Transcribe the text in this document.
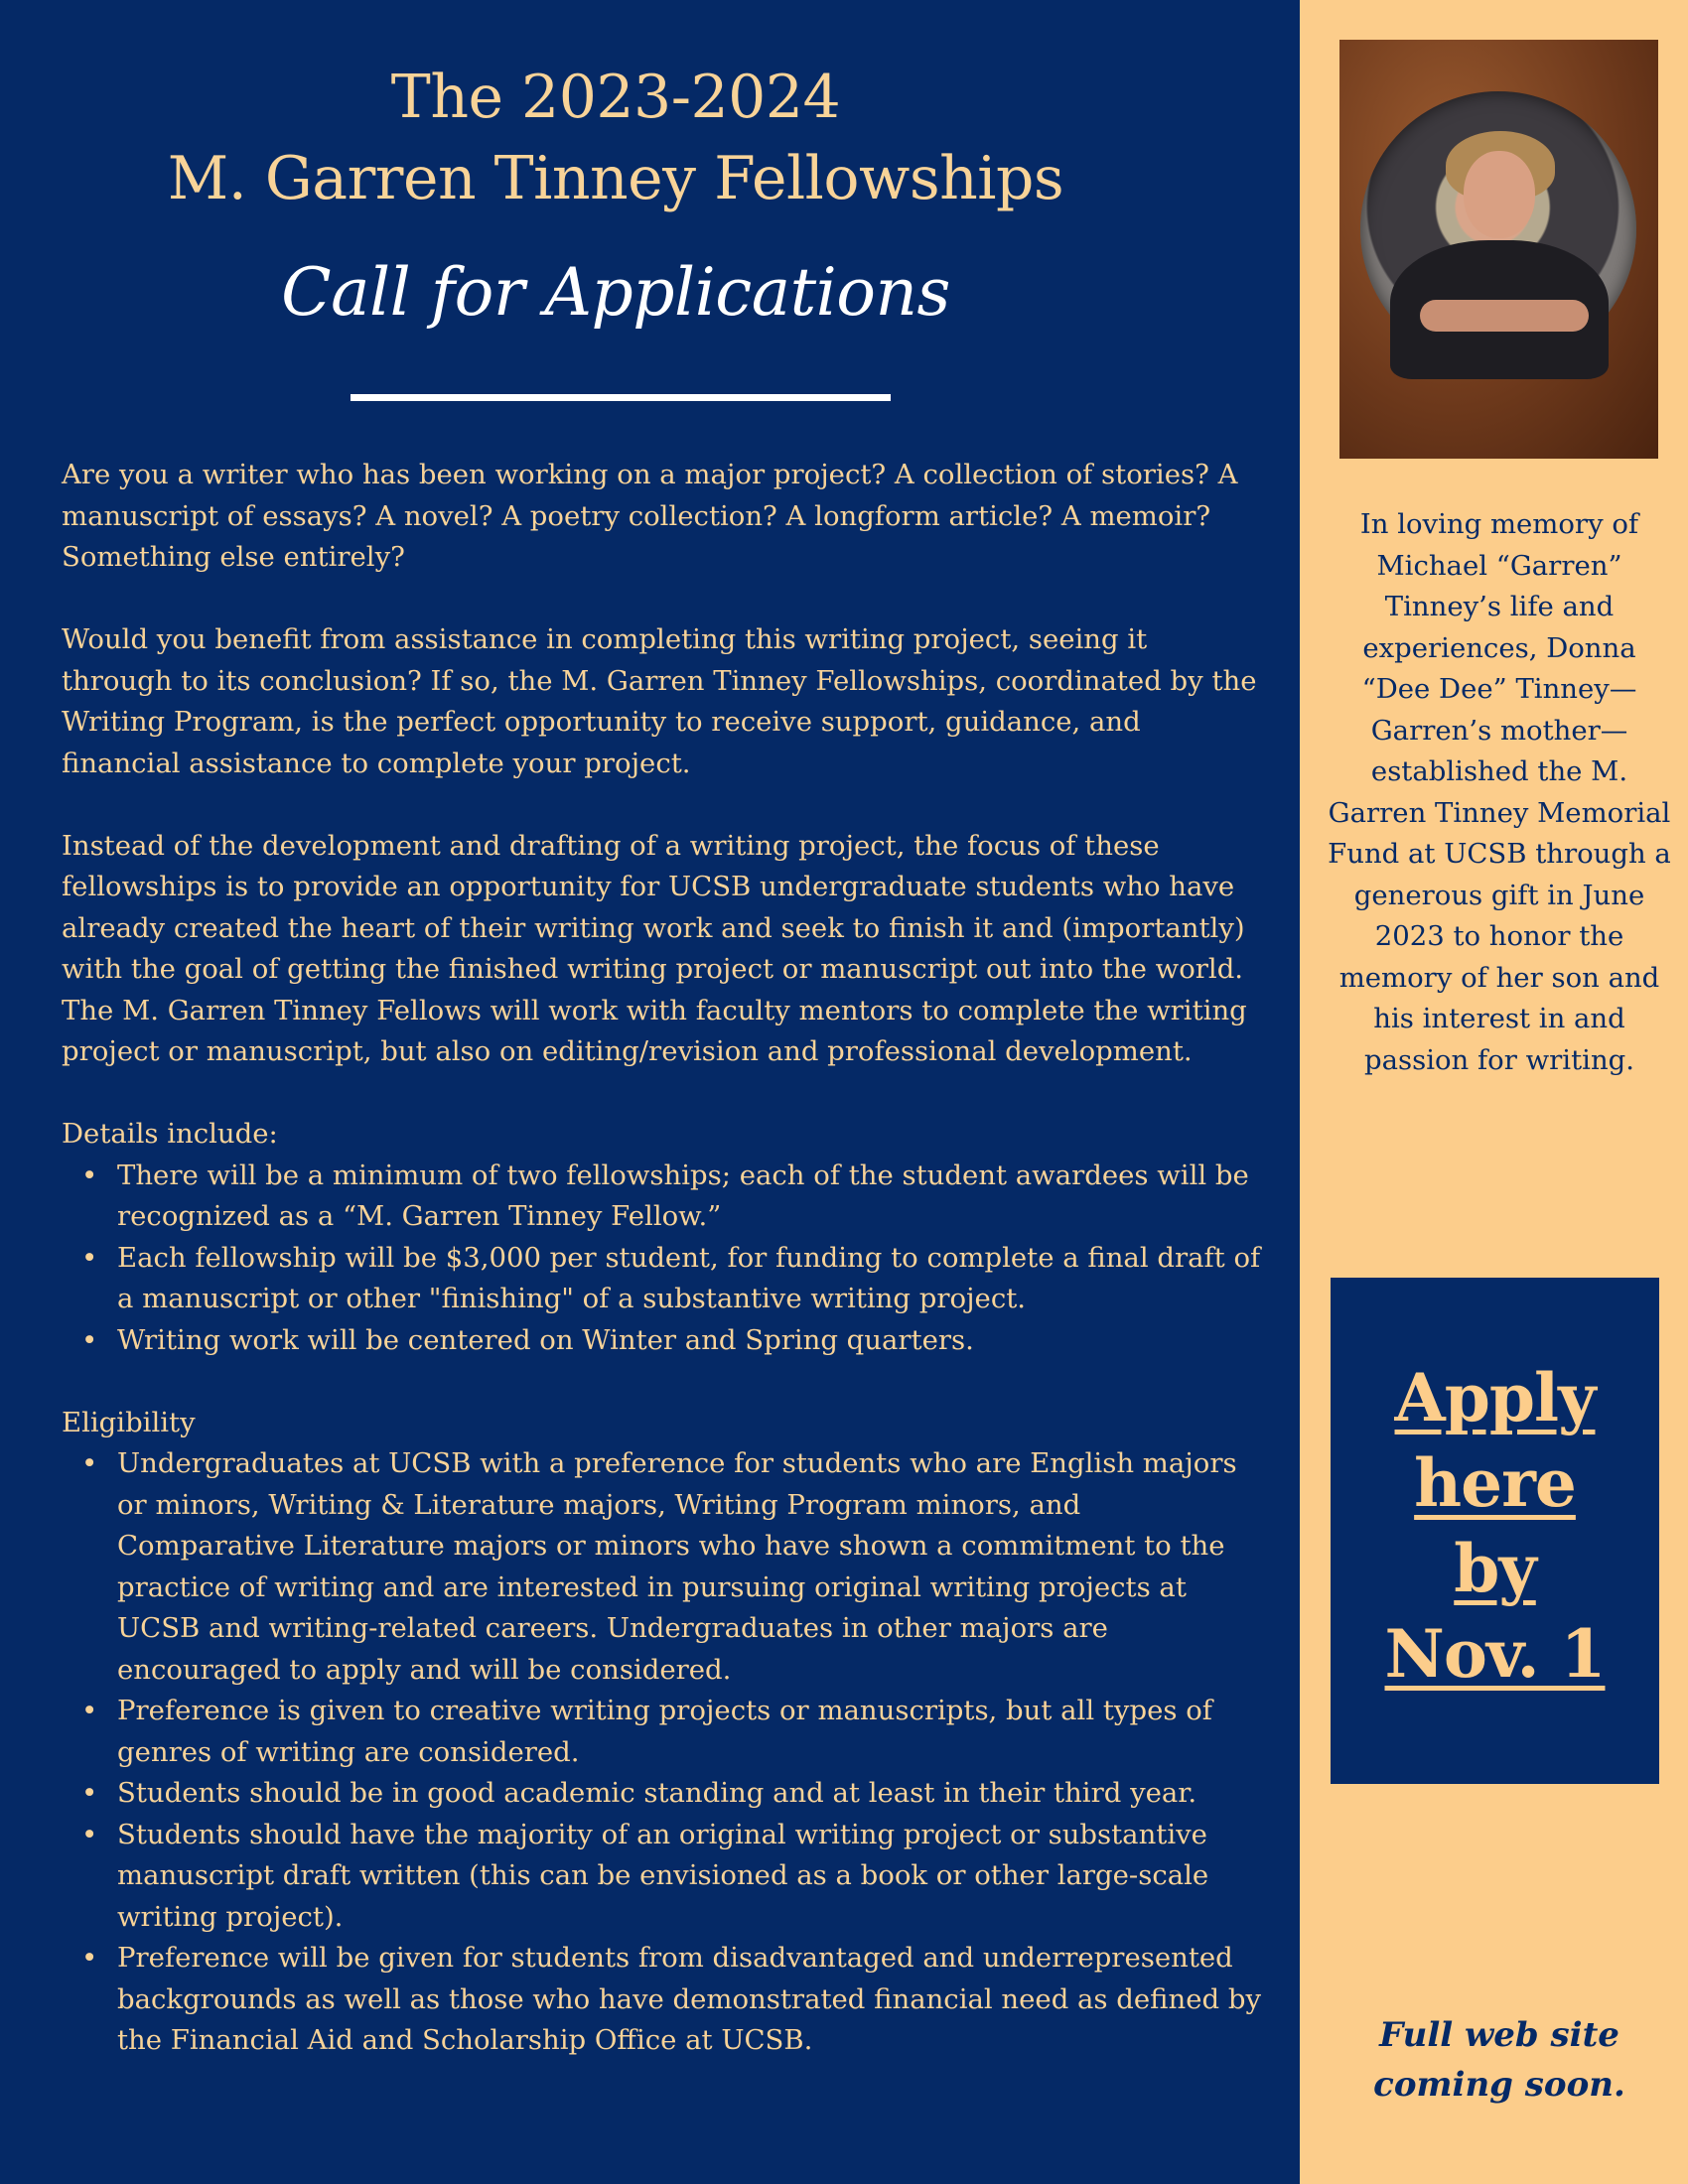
The 2023-2024
M. Garren Tinney Fellowships
Call for Applications

Are you a writer who has been working on a major project? A collection of stories? A manuscript of essays? A novel? A poetry collection? A longform article? A memoir? Something else entirely?

Would you benefit from assistance in completing this writing project, seeing it through to its conclusion? If so, the M. Garren Tinney Fellowships, coordinated by the Writing Program, is the perfect opportunity to receive support, guidance, and financial assistance to complete your project.

Instead of the development and drafting of a writing project, the focus of these fellowships is to provide an opportunity for UCSB undergraduate students who have already created the heart of their writing work and seek to finish it and (importantly) with the goal of getting the finished writing project or manuscript out into the world. The M. Garren Tinney Fellows will work with faculty mentors to complete the writing project or manuscript, but also on editing/revision and professional development.

Details include:
• There will be a minimum of two fellowships; each of the student awardees will be recognized as a “M. Garren Tinney Fellow.”
• Each fellowship will be $3,000 per student, for funding to complete a final draft of a manuscript or other "finishing" of a substantive writing project.
• Writing work will be centered on Winter and Spring quarters.
Eligibility
• Undergraduates at UCSB with a preference for students who are English majors or minors, Writing & Literature majors, Writing Program minors, and Comparative Literature majors or minors who have shown a commitment to the practice of writing and are interested in pursuing original writing projects at UCSB and writing-related careers. Undergraduates in other majors are encouraged to apply and will be considered.
• Preference is given to creative writing projects or manuscripts, but all types of genres of writing are considered.
• Students should be in good academic standing and at least in their third year.
• Students should have the majority of an original writing project or substantive manuscript draft written (this can be envisioned as a book or other large-scale writing project).
• Preference will be given for students from disadvantaged and underrepresented backgrounds as well as those who have demonstrated financial need as defined by the Financial Aid and Scholarship Office at UCSB.
In loving memory of Michael “Garren” Tinney’s life and experiences, Donna “Dee Dee” Tinney—Garren’s mother—established the M. Garren Tinney Memorial Fund at UCSB through a generous gift in June 2023 to honor the memory of her son and his interest in and passion for writing.
Apply
here
by
Nov. 1
Full web site
coming soon.
